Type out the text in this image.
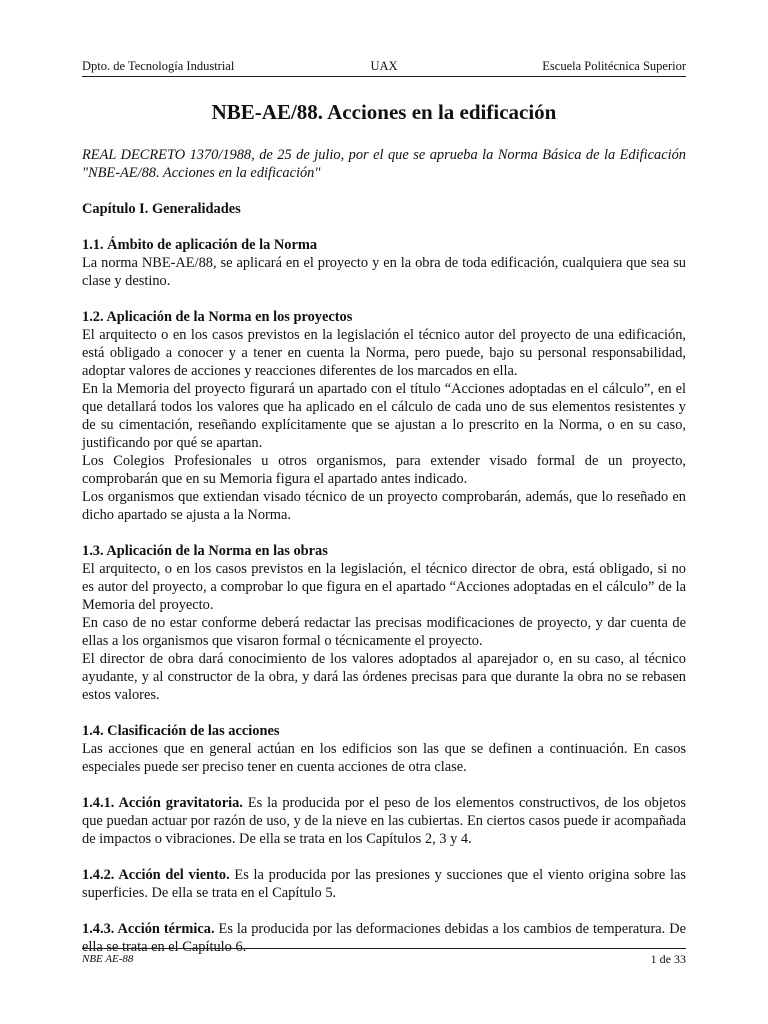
Dpto. de Tecnología Industrial	UAX	Escuela Politécnica Superior
NBE-AE/88. Acciones en la edificación

REAL DECRETO 1370/1988, de 25 de julio, por el que se aprueba la Norma Básica de la Edificación "NBE-AE/88. Acciones en la edificación"

Capítulo I. Generalidades

1.1. Ámbito de aplicación de la Norma

La norma NBE-AE/88, se aplicará en el proyecto y en la obra de toda edificación, cualquiera que sea su clase y destino.

1.2. Aplicación de la Norma en los proyectos

El arquitecto o en los casos previstos en la legislación el técnico autor del proyecto de una edificación, está obligado a conocer y a tener en cuenta la Norma, pero puede, bajo su personal responsabilidad, adoptar valores de acciones y reacciones diferentes de los marcados en ella.

En la Memoria del proyecto figurará un apartado con el título “Acciones adoptadas en el cálculo”, en el que detallará todos los valores que ha aplicado en el cálculo de cada uno de sus elementos resistentes y de su cimentación, reseñando explícitamente que se ajustan a lo prescrito en la Norma, o en su caso, justificando por qué se apartan.

Los Colegios Profesionales u otros organismos, para extender visado formal de un proyecto, comprobarán que en su Memoria figura el apartado antes indicado.

Los organismos que extiendan visado técnico de un proyecto comprobarán, además, que lo reseñado en dicho apartado se ajusta a la Norma.

1.3. Aplicación de la Norma en las obras

El arquitecto, o en los casos previstos en la legislación, el técnico director de obra, está obligado, si no es autor del proyecto, a comprobar lo que figura en el apartado “Acciones adoptadas en el cálculo” de la Memoria del proyecto.

En caso de no estar conforme deberá redactar las precisas modificaciones de proyecto, y dar cuenta de ellas a los organismos que visaron formal o técnicamente el proyecto.

El director de obra dará conocimiento de los valores adoptados al aparejador o, en su caso, al técnico ayudante, y al constructor de la obra, y dará las órdenes precisas para que durante la obra no se rebasen estos valores.

1.4. Clasificación de las acciones

Las acciones que en general actúan en los edificios son las que se definen a continuación. En casos especiales puede ser preciso tener en cuenta acciones de otra clase.

1.4.1. Acción gravitatoria. Es la producida por el peso de los elementos constructivos, de los objetos que puedan actuar por razón de uso, y de la nieve en las cubiertas. En ciertos casos puede ir acompañada de impactos o vibraciones. De ella se trata en los Capítulos 2, 3 y 4.

1.4.2. Acción del viento. Es la producida por las presiones y succiones que el viento origina sobre las superficies. De ella se trata en el Capítulo 5.

1.4.3. Acción térmica. Es la producida por las deformaciones debidas a los cambios de temperatura. De ella se trata en el Capítulo 6.

NBE AE-88	1 de 33
